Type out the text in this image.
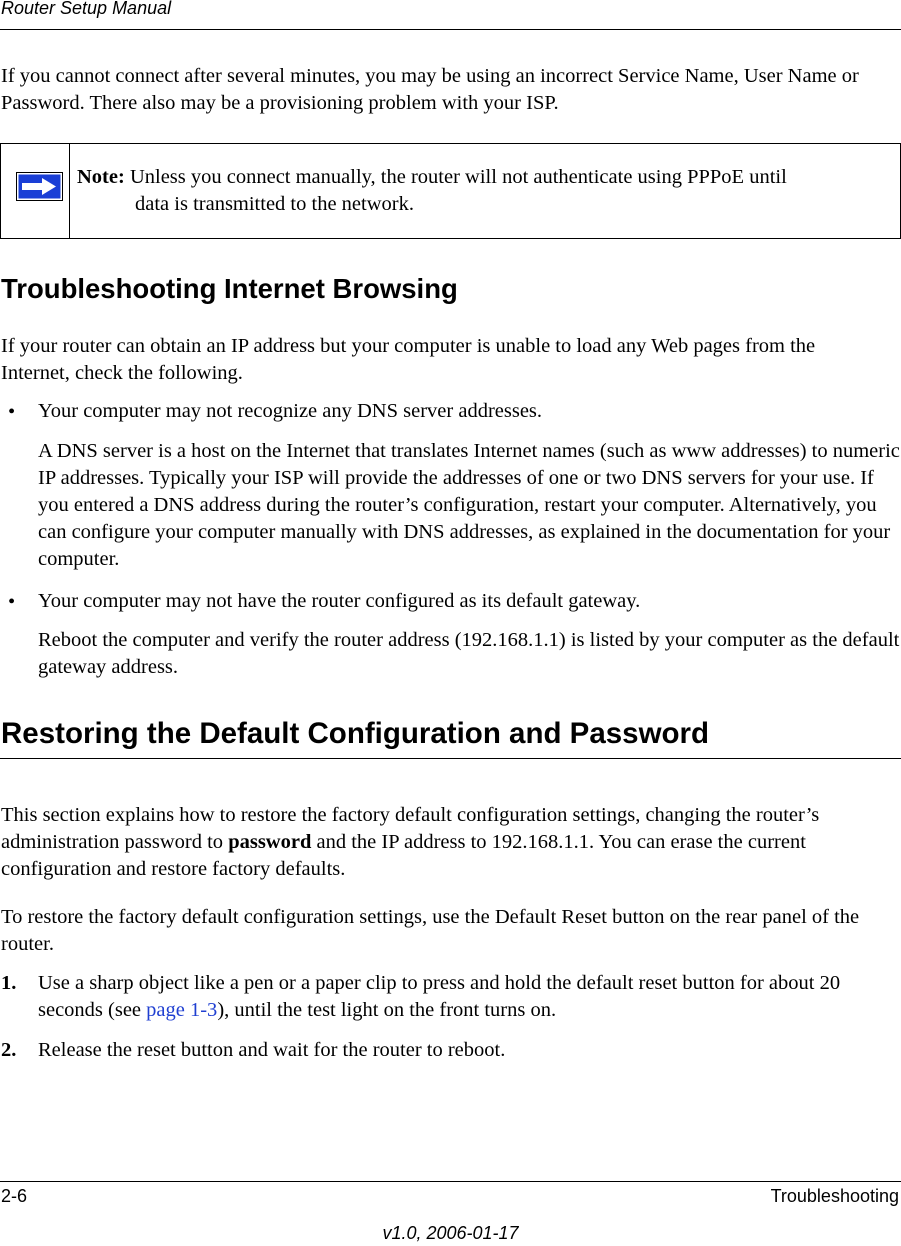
Router Setup Manual
If you cannot connect after several minutes, you may be using an incorrect Service Name, User Name or Password. There also may be a provisioning problem with your ISP.
Note: Unless you connect manually, the router will not authenticate using PPPoE until
data is transmitted to the network.
Troubleshooting Internet Browsing
If your router can obtain an IP address but your computer is unable to load any Web pages from the Internet, check the following.
• Your computer may not recognize any DNS server addresses.
A DNS server is a host on the Internet that translates Internet names (such as www addresses) to numeric IP addresses. Typically your ISP will provide the addresses of one or two DNS servers for your use. If you entered a DNS address during the router’s configuration, restart your computer. Alternatively, you can configure your computer manually with DNS addresses, as explained in the documentation for your computer.
• Your computer may not have the router configured as its default gateway.
Reboot the computer and verify the router address (192.168.1.1) is listed by your computer as the default gateway address.
Restoring the Default Configuration and Password
This section explains how to restore the factory default configuration settings, changing the router’s administration password to password and the IP address to 192.168.1.1. You can erase the current configuration and restore factory defaults.
To restore the factory default configuration settings, use the Default Reset button on the rear panel of the router.
1. Use a sharp object like a pen or a paper clip to press and hold the default reset button for about 20 seconds (see page 1-3), until the test light on the front turns on.
2. Release the reset button and wait for the router to reboot.
2-6	Troubleshooting
v1.0, 2006-01-17
